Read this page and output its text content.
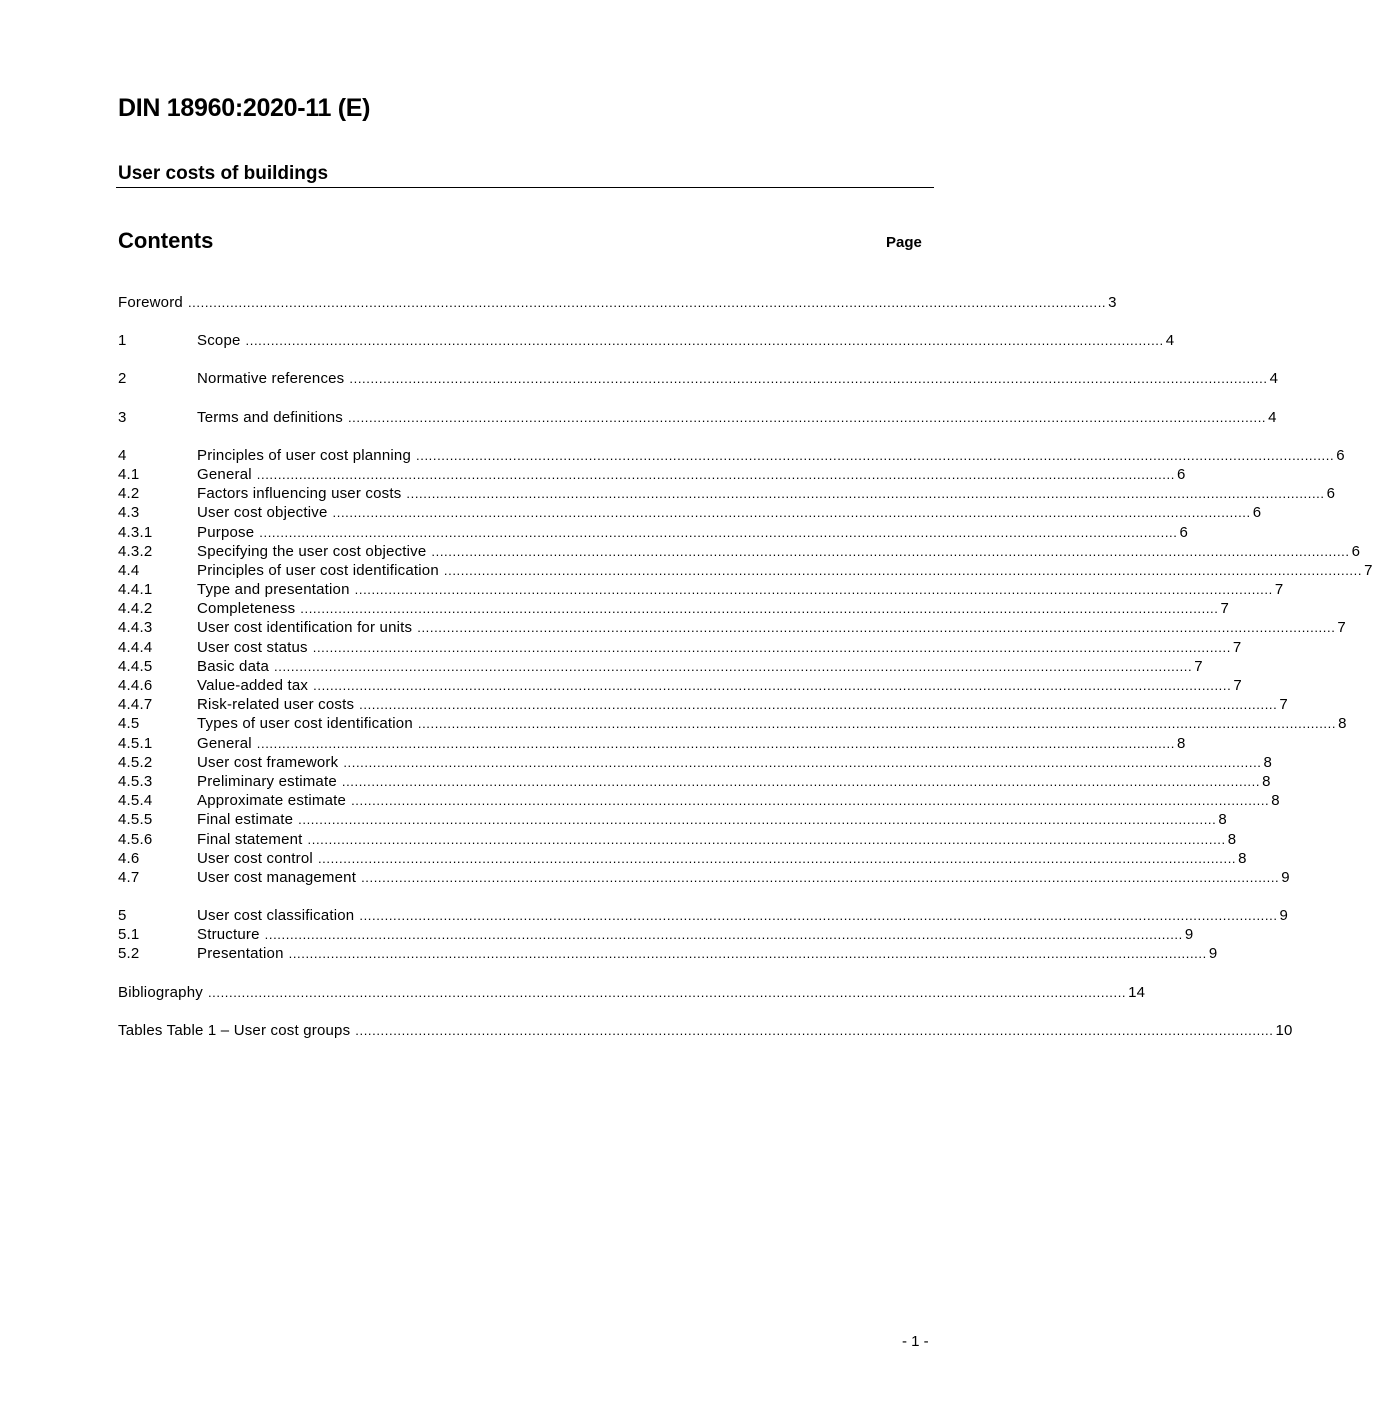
DIN 18960:2020-11 (E)
User costs of buildings
Contents	Page
Foreword .......................................................................................................................................................................................................................... 3
1	Scope .......................................................................................................................................................................................................................... 4
2	Normative references .......................................................................................................................................................................................................................... 4
3	Terms and definitions .......................................................................................................................................................................................................................... 4
4	Principles of user cost planning .......................................................................................................................................................................................................................... 6
4.1	General .......................................................................................................................................................................................................................... 6
4.2	Factors influencing user costs .......................................................................................................................................................................................................................... 6
4.3	User cost objective .......................................................................................................................................................................................................................... 6
4.3.1	Purpose .......................................................................................................................................................................................................................... 6
4.3.2	Specifying the user cost objective .......................................................................................................................................................................................................................... 6
4.4	Principles of user cost identification .......................................................................................................................................................................................................................... 7
4.4.1	Type and presentation .......................................................................................................................................................................................................................... 7
4.4.2	Completeness .......................................................................................................................................................................................................................... 7
4.4.3	User cost identification for units .......................................................................................................................................................................................................................... 7
4.4.4	User cost status .......................................................................................................................................................................................................................... 7
4.4.5	Basic data .......................................................................................................................................................................................................................... 7
4.4.6	Value-added tax .......................................................................................................................................................................................................................... 7
4.4.7	Risk-related user costs .......................................................................................................................................................................................................................... 7
4.5	Types of user cost identification .......................................................................................................................................................................................................................... 8
4.5.1	General .......................................................................................................................................................................................................................... 8
4.5.2	User cost framework .......................................................................................................................................................................................................................... 8
4.5.3	Preliminary estimate .......................................................................................................................................................................................................................... 8
4.5.4	Approximate estimate .......................................................................................................................................................................................................................... 8
4.5.5	Final estimate .......................................................................................................................................................................................................................... 8
4.5.6	Final statement .......................................................................................................................................................................................................................... 8
4.6	User cost control .......................................................................................................................................................................................................................... 8
4.7	User cost management .......................................................................................................................................................................................................................... 9
5	User cost classification .......................................................................................................................................................................................................................... 9
5.1	Structure .......................................................................................................................................................................................................................... 9
5.2	Presentation .......................................................................................................................................................................................................................... 9
Bibliography .......................................................................................................................................................................................................................... 14
Tables Table 1 – User cost groups .......................................................................................................................................................................................................................... 10
- 1 -
